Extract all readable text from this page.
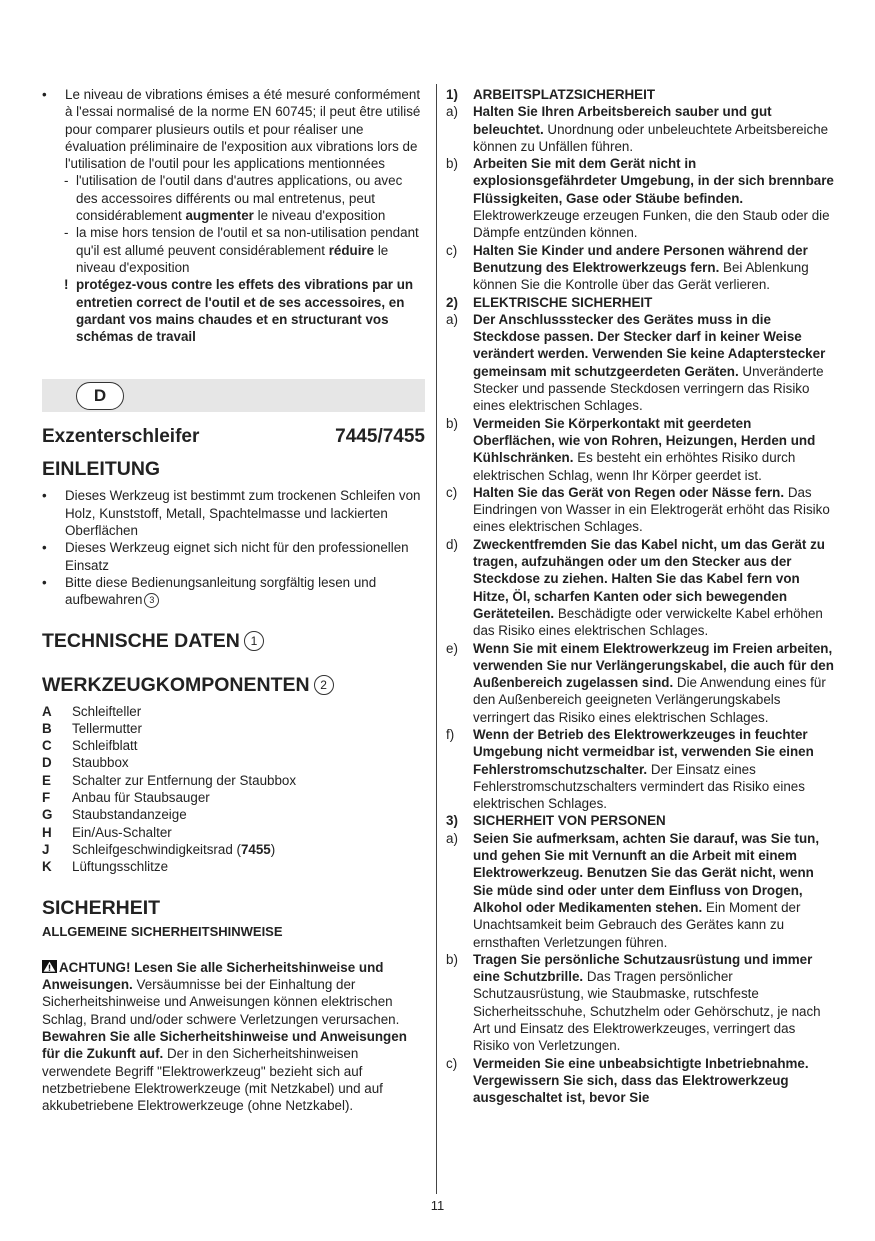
• Le niveau de vibrations émises a été mesuré conformément à l'essai normalisé de la norme EN 60745; il peut être utilisé pour comparer plusieurs outils et pour réaliser une évaluation préliminaire de l'exposition aux vibrations lors de l'utilisation de l'outil pour les applications mentionnées
- l'utilisation de l'outil dans d'autres applications, ou avec des accessoires différents ou mal entretenus, peut considérablement augmenter le niveau d'exposition
- la mise hors tension de l'outil et sa non-utilisation pendant qu'il est allumé peuvent considérablement réduire le niveau d'exposition
! protégez-vous contre les effets des vibrations par un entretien correct de l'outil et de ses accessoires, en gardant vos mains chaudes et en structurant vos schémas de travail
D
Exzenterschleifer	7445/7455
EINLEITUNG
• Dieses Werkzeug ist bestimmt zum trockenen Schleifen von Holz, Kunststoff, Metall, Spachtelmasse und lackierten Oberflächen
• Dieses Werkzeug eignet sich nicht für den professionellen Einsatz
• Bitte diese Bedienungsanleitung sorgfältig lesen und aufbewahren 3
TECHNISCHE DATEN 1
WERKZEUGKOMPONENTEN 2
A	Schleifteller
B	Tellermutter
C	Schleifblatt
D	Staubbox
E	Schalter zur Entfernung der Staubbox
F	Anbau für Staubsauger
G	Staubstandanzeige
H	Ein/Aus-Schalter
J	Schleifgeschwindigkeitsrad (7455)
K	Lüftungsschlitze
SICHERHEIT
ALLGEMEINE SICHERHEITSHINWEISE
ACHTUNG! Lesen Sie alle Sicherheitshinweise und Anweisungen. Versäumnisse bei der Einhaltung der Sicherheitshinweise und Anweisungen können elektrischen Schlag, Brand und/oder schwere Verletzungen verursachen. Bewahren Sie alle Sicherheitshinweise und Anweisungen für die Zukunft auf. Der in den Sicherheitshinweisen verwendete Begriff "Elektrowerkzeug" bezieht sich auf netzbetriebene Elektrowerkzeuge (mit Netzkabel) und auf akkubetriebene Elektrowerkzeuge (ohne Netzkabel).
1)	ARBEITSPLATZSICHERHEIT
a) Halten Sie Ihren Arbeitsbereich sauber und gut beleuchtet. Unordnung oder unbeleuchtete Arbeitsbereiche können zu Unfällen führen.
b) Arbeiten Sie mit dem Gerät nicht in explosionsgefährdeter Umgebung, in der sich brennbare Flüssigkeiten, Gase oder Stäube befinden. Elektrowerkzeuge erzeugen Funken, die den Staub oder die Dämpfe entzünden können.
c) Halten Sie Kinder und andere Personen während der Benutzung des Elektrowerkzeugs fern. Bei Ablenkung können Sie die Kontrolle über das Gerät verlieren.
2)	ELEKTRISCHE SICHERHEIT
a) Der Anschlussstecker des Gerätes muss in die Steckdose passen. Der Stecker darf in keiner Weise verändert werden. Verwenden Sie keine Adapterstecker gemeinsam mit schutzgeerdeten Geräten. Unveränderte Stecker und passende Steckdosen verringern das Risiko eines elektrischen Schlages.
b) Vermeiden Sie Körperkontakt mit geerdeten Oberflächen, wie von Rohren, Heizungen, Herden und Kühlschränken. Es besteht ein erhöhtes Risiko durch elektrischen Schlag, wenn Ihr Körper geerdet ist.
c) Halten Sie das Gerät von Regen oder Nässe fern. Das Eindringen von Wasser in ein Elektrogerät erhöht das Risiko eines elektrischen Schlages.
d) Zweckentfremden Sie das Kabel nicht, um das Gerät zu tragen, aufzuhängen oder um den Stecker aus der Steckdose zu ziehen. Halten Sie das Kabel fern von Hitze, Öl, scharfen Kanten oder sich bewegenden Geräteteilen. Beschädigte oder verwickelte Kabel erhöhen das Risiko eines elektrischen Schlages.
e) Wenn Sie mit einem Elektrowerkzeug im Freien arbeiten, verwenden Sie nur Verlängerungskabel, die auch für den Außenbereich zugelassen sind. Die Anwendung eines für den Außenbereich geeigneten Verlängerungskabels verringert das Risiko eines elektrischen Schlages.
f) Wenn der Betrieb des Elektrowerkzeuges in feuchter Umgebung nicht vermeidbar ist, verwenden Sie einen Fehlerstromschutzschalter. Der Einsatz eines Fehlerstromschutzschalters vermindert das Risiko eines elektrischen Schlages.
3)	SICHERHEIT VON PERSONEN
a) Seien Sie aufmerksam, achten Sie darauf, was Sie tun, und gehen Sie mit Vernunft an die Arbeit mit einem Elektrowerkzeug. Benutzen Sie das Gerät nicht, wenn Sie müde sind oder unter dem Einfluss von Drogen, Alkohol oder Medikamenten stehen. Ein Moment der Unachtsamkeit beim Gebrauch des Gerätes kann zu ernsthaften Verletzungen führen.
b) Tragen Sie persönliche Schutzausrüstung und immer eine Schutzbrille. Das Tragen persönlicher Schutzausrüstung, wie Staubmaske, rutschfeste Sicherheitsschuhe, Schutzhelm oder Gehörschutz, je nach Art und Einsatz des Elektrowerkzeuges, verringert das Risiko von Verletzungen.
c) Vermeiden Sie eine unbeabsichtigte Inbetriebnahme. Vergewissern Sie sich, dass das Elektrowerkzeug ausgeschaltet ist, bevor Sie
11
